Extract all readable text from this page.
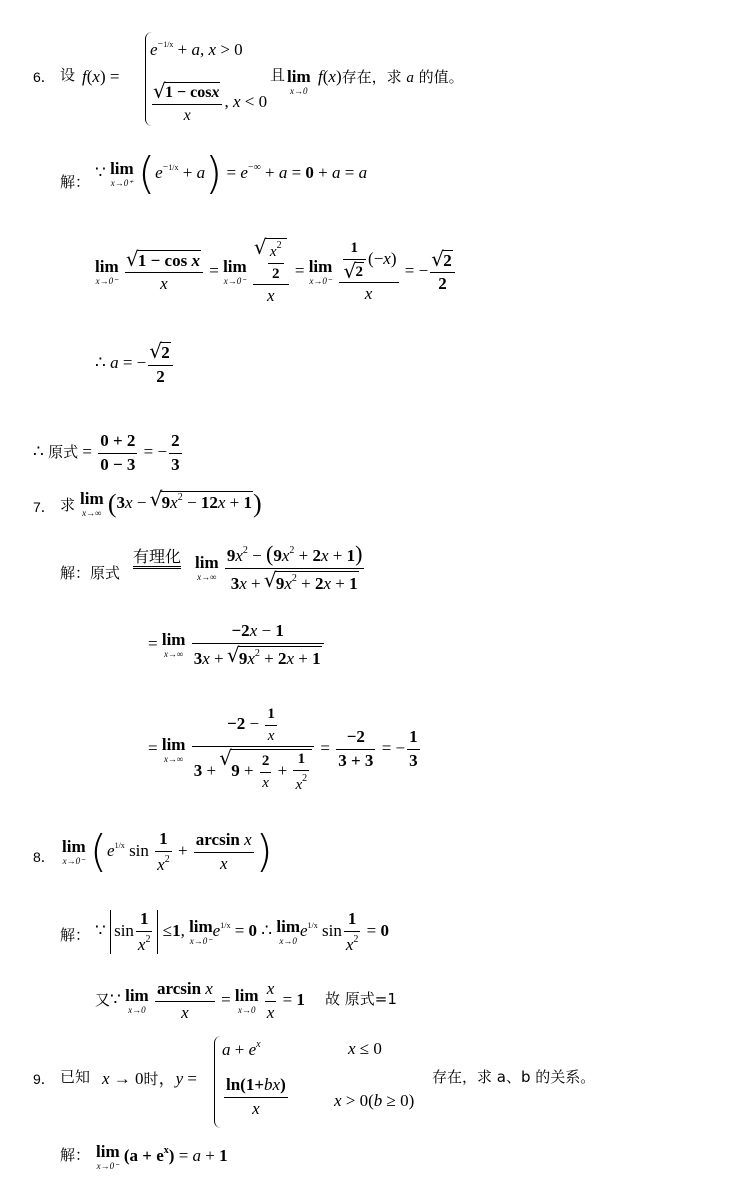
6． 设 f(x) =
$e^{-1/x} + a$, x > 0
√ $\frac{1 - \cos x}{x}$ , x < 0
且 lim
x→0
f(x)存在，求 a 的值。
解：
∵ lim
x→0⁺ $(e^{-1/x} + a) = e^{-\infty} + a = 0 + a = a$
lim
x→0⁻
√ $\frac{\text{1 − cos x}}{x} = \lim$
x→0⁻
√ $\frac{\frac{x^2}{2}}{x} = \lim$
x→0⁻
1
√ 2 (−x)
x = − √ $\frac{2}{2}$
∴ a = − √ $\frac{2}{2}$
∴ 原式 = $\frac{0 + 2}{0 - 3}$ = − $\frac{2}{3}$
7． 求 lim
x→∞ (3x − √ $9x^2 - 12x + 1$)
解：原式
有理化 lim
x→∞
$\frac{9x^2 - (9x^2 + 2x + 1)}{3x + √ 9x^2 + 2x + 1}$
= lim
x→∞
$\frac{-2x - 1}{3x + √ 9x^2 + 2x + 1}$
= lim
x→∞
$\frac{-2 - \frac{1}{x}}{3 + √ 9 + \frac{2}{x} + \frac{1}{x^2}} = \frac{-2}{3 + 3}$ = − $\frac{1}{3}$
8．
lim
x→0⁻ ($e^{1/x}$ $\sin \frac{1}{x^2} + \frac{\text{arcsin x}}{x}$ )
解： ∵ $\sin \frac{1}{x^2} \le 1$, lim
x→0⁻
$e^{1/x} = 0$ ∴ lim
x→0
$e^{1/x}$ $\sin \frac{1}{x^2} = 0$
又∵ lim
x→0
$\frac{\text{arcsin x}}{x} = \lim$
x→0
$\frac{x}{x} = 1$ 故 原式=1
9． 已知 x → 0时，y =
$a + e^x$	x ≤ 0
$\frac{\ln(1+bx)}{x}$	x > 0(b ≥ 0)
存在，求 a、b 的关系。
解： lim
x→0⁻
$(a + e^x) = a + 1$
